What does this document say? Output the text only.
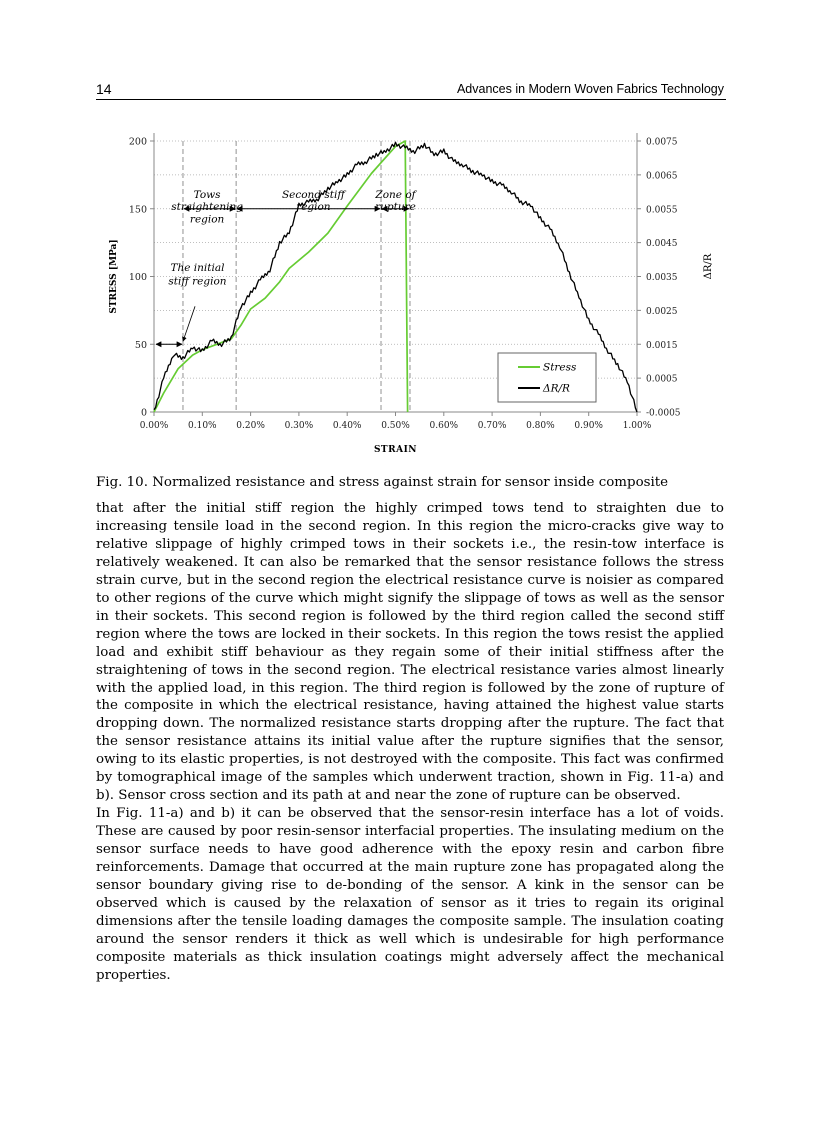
14	Advances in Modern Woven Fabrics Technology
-0.0005
0.0005
0.0015
0.0025
0.0035
0.0045
0.0055
0.0065
0.0075
0
50
100
150
200
0.00% 0.10% 0.20% 0.30% 0.40% 0.50% 0.60% 0.70% 0.80% 0.90% 1.00%
Tows
straightening
region
Second stiff
region
Zone of
rupture
The initial
stiff region
STRAIN
STRESS [MPa]	ΔR/R
Stress
ΔR/R

Fig. 10. Normalized resistance and stress against strain for sensor inside composite

that after the initial stiff region the highly crimped tows tend to straighten due to increasing tensile load in the second region. In this region the micro-cracks give way to relative slippage of highly crimped tows in their sockets i.e., the resin-tow interface is relatively weakened. It can also be remarked that the sensor resistance follows the stress strain curve, but in the second region the electrical resistance curve is noisier as compared to other regions of the curve which might signify the slippage of tows as well as the sensor in their sockets. This second region is followed by the third region called the second stiff region where the tows are locked in their sockets. In this region the tows resist the applied load and exhibit stiff behaviour as they regain some of their initial stiffness after the straightening of tows in the second region. The electrical resistance varies almost linearly with the applied load, in this region. The third region is followed by the zone of rupture of the composite in which the electrical resistance, having attained the highest value starts dropping down. The normalized resistance starts dropping after the rupture. The fact that the sensor resistance attains its initial value after the rupture signifies that the sensor, owing to its elastic properties, is not destroyed with the composite. This fact was confirmed by tomographical image of the samples which underwent traction, shown in Fig. 11-a) and b). Sensor cross section and its path at and near the zone of rupture can be observed.

In Fig. 11-a) and b) it can be observed that the sensor-resin interface has a lot of voids. These are caused by poor resin-sensor interfacial properties. The insulating medium on the sensor surface needs to have good adherence with the epoxy resin and carbon fibre reinforcements. Damage that occurred at the main rupture zone has propagated along the sensor boundary giving rise to de-bonding of the sensor. A kink in the sensor can be observed which is caused by the relaxation of sensor as it tries to regain its original dimensions after the tensile loading damages the composite sample. The insulation coating around the sensor renders it thick as well which is undesirable for high performance composite materials as thick insulation coatings might adversely affect the mechanical properties.
